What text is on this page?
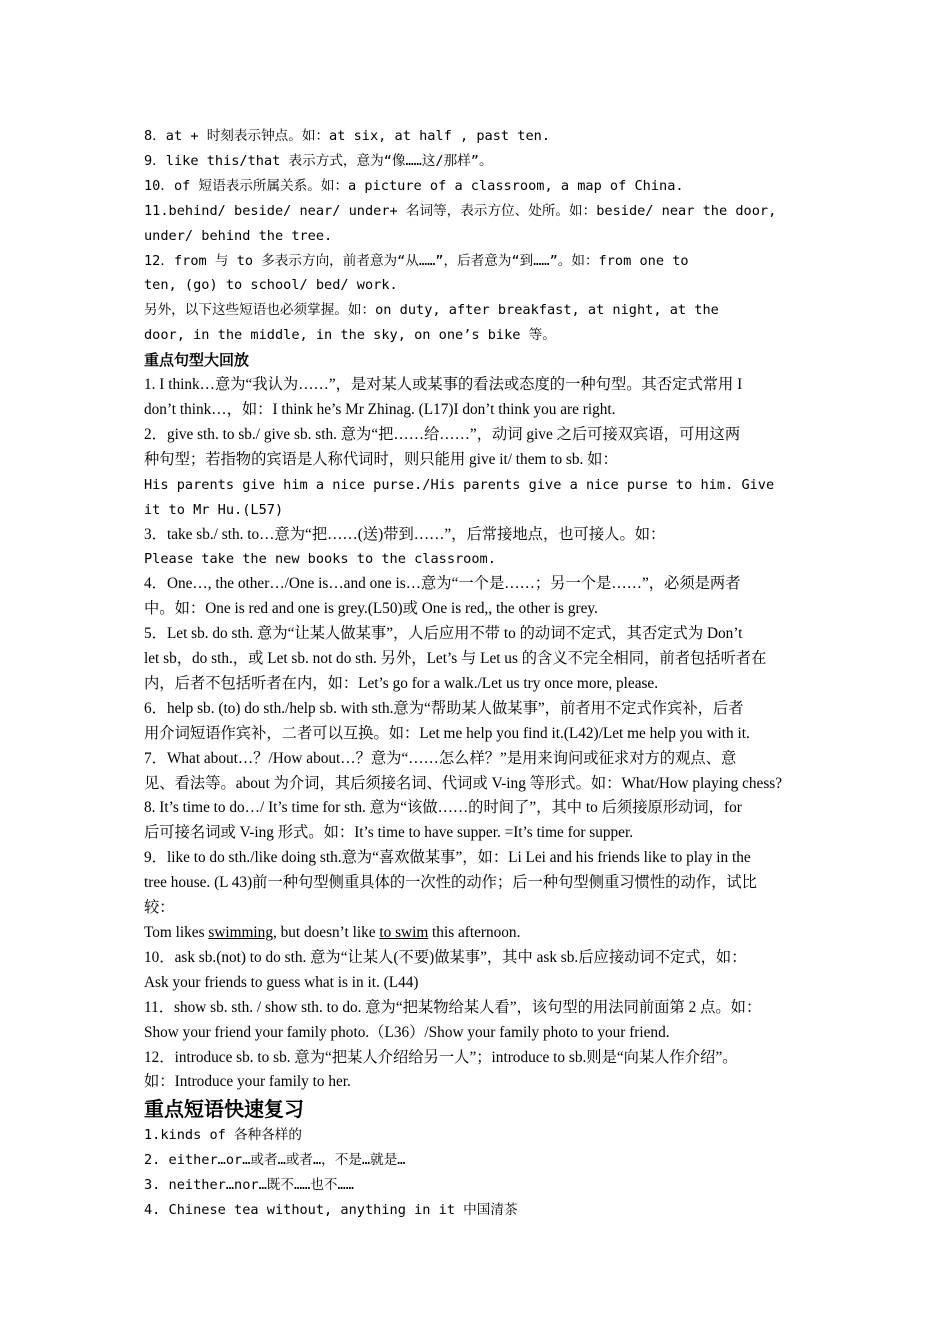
8．at + 时刻表示钟点。如：at six, at half , past ten.

9．like this/that 表示方式，意为“像……这/那样”。

10．of 短语表示所属关系。如：a picture of a classroom, a map of China.

11.behind/ beside/ near/ under+ 名词等，表示方位、处所。如：beside/ near the door,

under/ behind the tree.

12．from 与 to 多表示方向，前者意为“从……”，后者意为“到……”。如：from one to

ten, (go) to school/ bed/ work.

另外，以下这些短语也必须掌握。如：on duty, after breakfast, at night, at the

door, in the middle, in the sky, on one’s bike 等。

重点句型大回放

1. I think…意为“我认为……”，是对某人或某事的看法或态度的一种句型。其否定式常用 I

don’t think…，如：I think he’s Mr Zhinag. (L17)I don’t think you are right.

2．give sth. to sb./ give sb. sth. 意为“把……给……”，动词 give 之后可接双宾语，可用这两

种句型；若指物的宾语是人称代词时，则只能用 give it/ them to sb. 如：

His parents give him a nice purse./His parents give a nice purse to him. Give

it to Mr Hu.(L57)

3．take sb./ sth. to…意为“把……(送)带到……”，后常接地点，也可接人。如：

Please take the new books to the classroom.

4．One…, the other…/One is…and one is…意为“一个是……；另一个是……”，必须是两者

中。如：One is red and one is grey.(L50)或 One is red,, the other is grey.

5．Let sb. do sth. 意为“让某人做某事”，人后应用不带 to 的动词不定式，其否定式为 Don’t

let sb，do sth.，或 Let sb. not do sth. 另外，Let’s 与 Let us 的含义不完全相同，前者包括听者在

内，后者不包括听者在内，如：Let’s go for a walk./Let us try once more, please.

6．help sb. (to) do sth./help sb. with sth.意为“帮助某人做某事”，前者用不定式作宾补，后者

用介词短语作宾补，二者可以互换。如：Let me help you find it.(L42)/Let me help you with it.

7．What about…？/How about…？意为“……怎么样？”是用来询问或征求对方的观点、意

见、看法等。about 为介词，其后须接名词、代词或 V-ing 等形式。如：What/How playing chess?

8. It’s time to do…/ It’s time for sth. 意为“该做……的时间了”，其中 to 后须接原形动词，for

后可接名词或 V-ing 形式。如：It’s time to have supper. =It’s time for supper.

9．like to do sth./like doing sth.意为“喜欢做某事”，如：Li Lei and his friends like to play in the

tree house. (L 43)前一种句型侧重具体的一次性的动作；后一种句型侧重习惯性的动作，试比

较：

Tom likes swimming, but doesn’t like to swim this afternoon.

10．ask sb.(not) to do sth. 意为“让某人(不要)做某事”，其中 ask sb.后应接动词不定式，如：

Ask your friends to guess what is in it. (L44)

11．show sb. sth. / show sth. to do. 意为“把某物给某人看”，该句型的用法同前面第 2 点。如：

Show your friend your family photo.（L36）/Show your family photo to your friend.

12．introduce sb. to sb. 意为“把某人介绍给另一人”；introduce to sb.则是“向某人作介绍”。

如：Introduce your family to her.

重点短语快速复习

1.kinds of 各种各样的

2. either…or…或者…或者…，不是…就是…

3. neither…nor…既不……也不……

4. Chinese tea without, anything in it 中国清茶
